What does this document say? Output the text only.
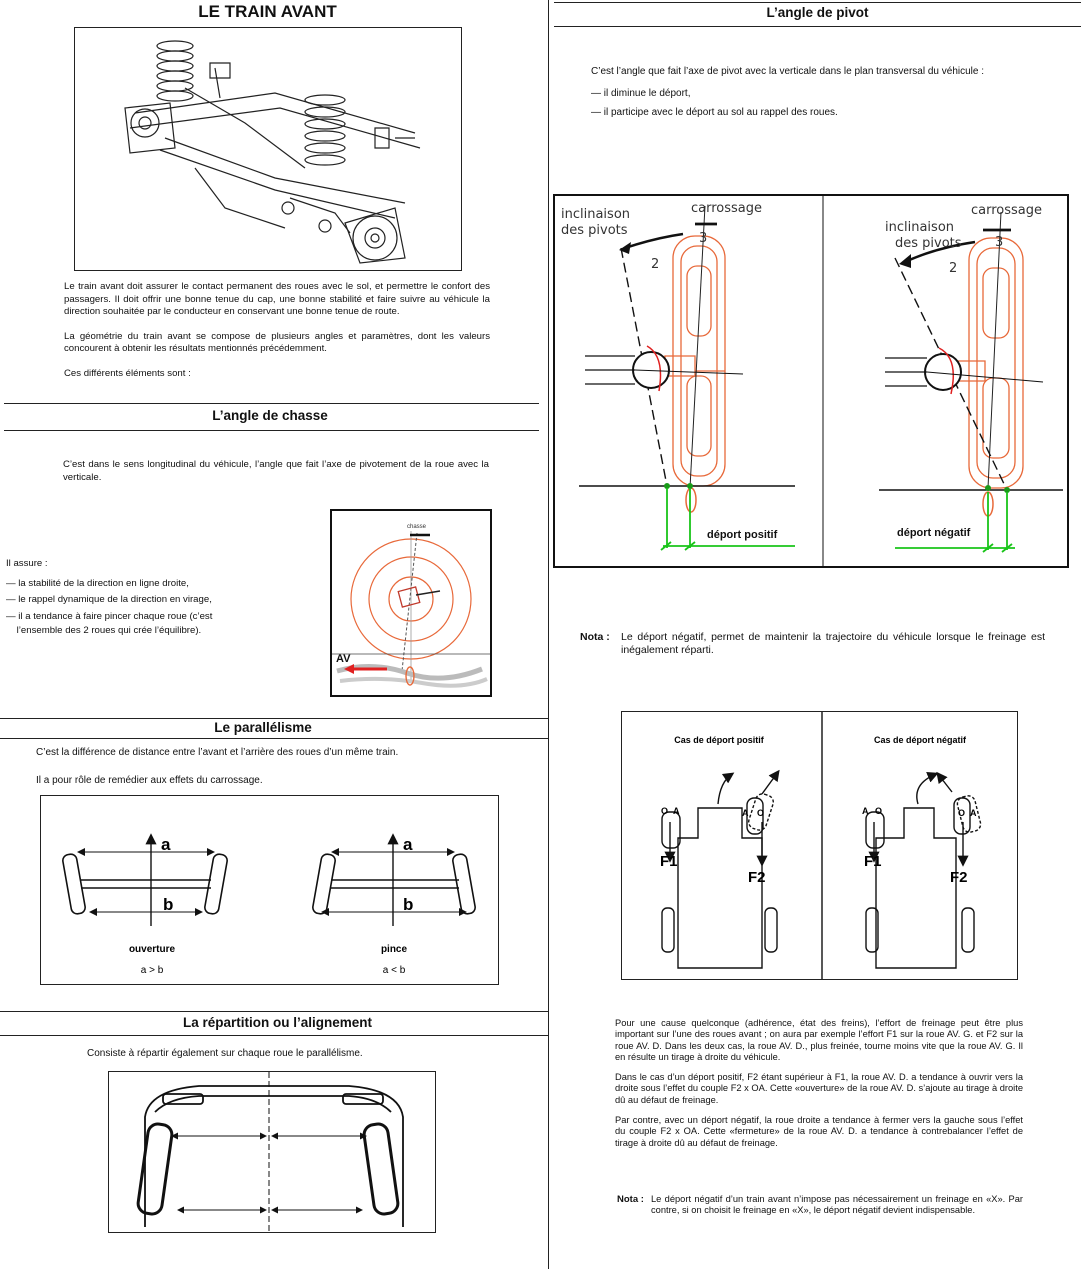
LE TRAIN AVANT

Le train avant doit assurer le contact permanent des roues avec le sol, et permettre le confort des passagers. Il doit offrir une bonne tenue du cap, une bonne stabilité et faire suivre au véhicule la direction souhaitée par le conducteur en conservant une bonne tenue de route.

La géométrie du train avant se compose de plusieurs angles et paramètres, dont les valeurs concourent à obtenir les résultats mentionnés précédemment.

Ces différents éléments sont :

L’angle de chasse
C’est dans le sens longitudinal du véhicule, l’angle que fait l’axe de pivotement de la roue avec la verticale.
Il assure :
— la stabilité de la direction en ligne droite,
— le rappel dynamique de la direction en virage,
— il a tendance à faire pincer chaque roue (c’est
l’ensemble des 2 roues qui crée l’équilibre).
chasse
AV
Le parallélisme
C’est la différence de distance entre l’avant et l’arrière des roues d’un même train.
Il a pour rôle de remédier aux effets du carrossage.
a
b
ouverture
a > b
a
b
pince
a < b
La répartition ou l’alignement
Consiste à répartir également sur chaque roue le parallélisme.
L’angle de pivot
C’est l’angle que fait l’axe de pivot avec la verticale dans le plan transversal du véhicule :
— il diminue le déport,
— il participe avec le déport au sol au rappel des roues.
inclinaison
des pivots
carrossage
2
3
déport positif
inclinaison
des pivots
carrossage
2
3
déport négatif
Nota : Le déport négatif, permet de maintenir la trajectoire du véhicule lorsque le freinage est inégalement réparti.
Cas de déport positif	Cas de déport négatif
O A	A O
F1
F2
A O	O A
F1
F2

Pour une cause quelconque (adhérence, état des freins), l’effort de freinage peut être plus important sur l’une des roues avant ; on aura par exemple l’effort F1 sur la roue AV. G. et F2 sur la roue AV. D. Dans les deux cas, la roue AV. D., plus freinée, tourne moins vite que la roue AV. G. Il en résulte un tirage à droite du véhicule.

Dans le cas d’un déport positif, F2 étant supérieur à F1, la roue AV. D. a tendance à ouvrir vers la droite sous l’effet du couple F2 x OA. Cette «ouverture» de la roue AV. D. s’ajoute au tirage à droite dû au défaut de freinage.

Par contre, avec un déport négatif, la roue droite a tendance à fermer vers la gauche sous l’effet du couple F2 x OA. Cette «fermeture» de la roue AV. D. a tendance à contrebalancer l’effet de tirage à droite dû au défaut de freinage.

Nota : Le déport négatif d’un train avant n’impose pas nécessairement un freinage en «X». Par contre, si on choisit le freinage en «X», le déport négatif devient indispensable.
